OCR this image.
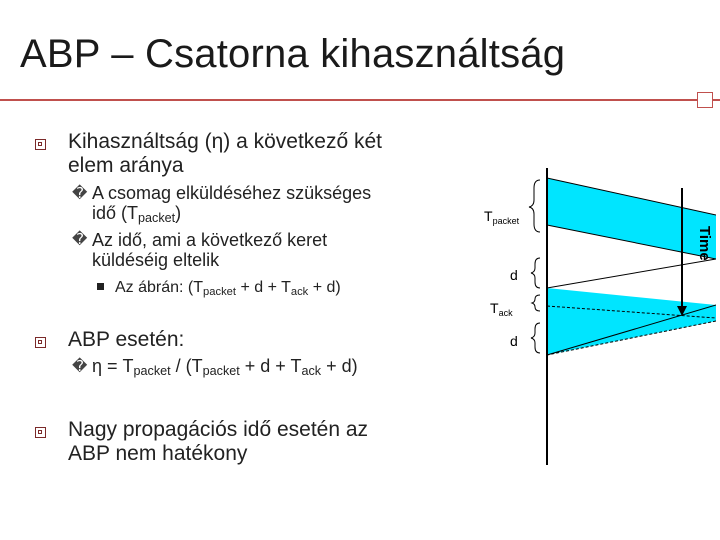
ABP – Csatorna kihasználtság
Kihasználtság (η) a következő két
elem aránya
� A csomag elküldéséhez szükséges
idő $(T_{packet})$
� Az idő, ami a következő keret
küldéséig eltelik
Az ábrán: $(T_{packet} + d + T_{ack} + d)$
ABP esetén:
� $\eta = T_{packet} / (T_{packet} + d + T_{ack} + d)$
Nagy propagációs idő esetén az
ABP nem hatékony
$T_{packet}$
d
$T_{ack}$
d
Time
